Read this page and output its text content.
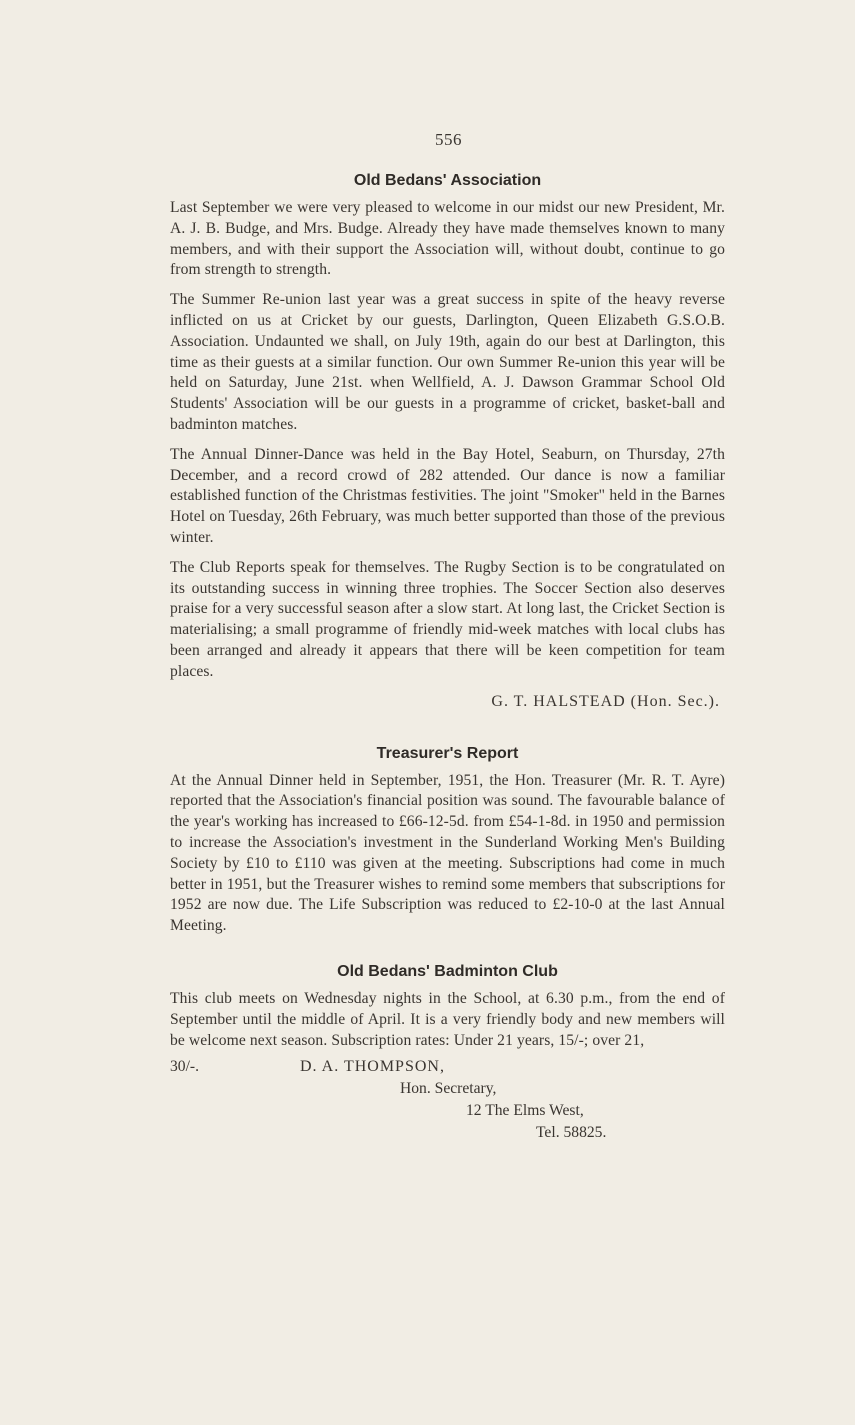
556
Old Bedans' Association

Last September we were very pleased to welcome in our midst our new President, Mr. A. J. B. Budge, and Mrs. Budge. Already they have made themselves known to many members, and with their support the Association will, without doubt, continue to go from strength to strength.

The Summer Re-union last year was a great success in spite of the heavy reverse inflicted on us at Cricket by our guests, Darlington, Queen Elizabeth G.S.O.B. Association. Undaunted we shall, on July 19th, again do our best at Darlington, this time as their guests at a similar function. Our own Summer Re-union this year will be held on Saturday, June 21st. when Wellfield, A. J. Dawson Grammar School Old Students' Association will be our guests in a programme of cricket, basket-ball and badminton matches.

The Annual Dinner-Dance was held in the Bay Hotel, Seaburn, on Thursday, 27th December, and a record crowd of 282 attended. Our dance is now a familiar established function of the Christmas festivities. The joint "Smoker" held in the Barnes Hotel on Tuesday, 26th February, was much better supported than those of the previous winter.

The Club Reports speak for themselves. The Rugby Section is to be congratulated on its outstanding success in winning three trophies. The Soccer Section also deserves praise for a very successful season after a slow start. At long last, the Cricket Section is materialising; a small programme of friendly mid-week matches with local clubs has been arranged and already it appears that there will be keen competition for team places.

G. T. HALSTEAD (Hon. Sec.).
Treasurer's Report

At the Annual Dinner held in September, 1951, the Hon. Treasurer (Mr. R. T. Ayre) reported that the Association's financial position was sound. The favourable balance of the year's working has increased to £66-12-5d. from £54-1-8d. in 1950 and permission to increase the Association's investment in the Sunderland Working Men's Building Society by £10 to £110 was given at the meeting. Subscriptions had come in much better in 1951, but the Treasurer wishes to remind some members that subscriptions for 1952 are now due. The Life Subscription was reduced to £2-10-0 at the last Annual Meeting.

Old Bedans' Badminton Club

This club meets on Wednesday nights in the School, at 6.30 p.m., from the end of September until the middle of April. It is a very friendly body and new members will be welcome next season. Subscription rates: Under 21 years, 15/-; over 21,

30/-.	D. A. THOMPSON,
Hon. Secretary,
12 The Elms West,
Tel. 58825.
